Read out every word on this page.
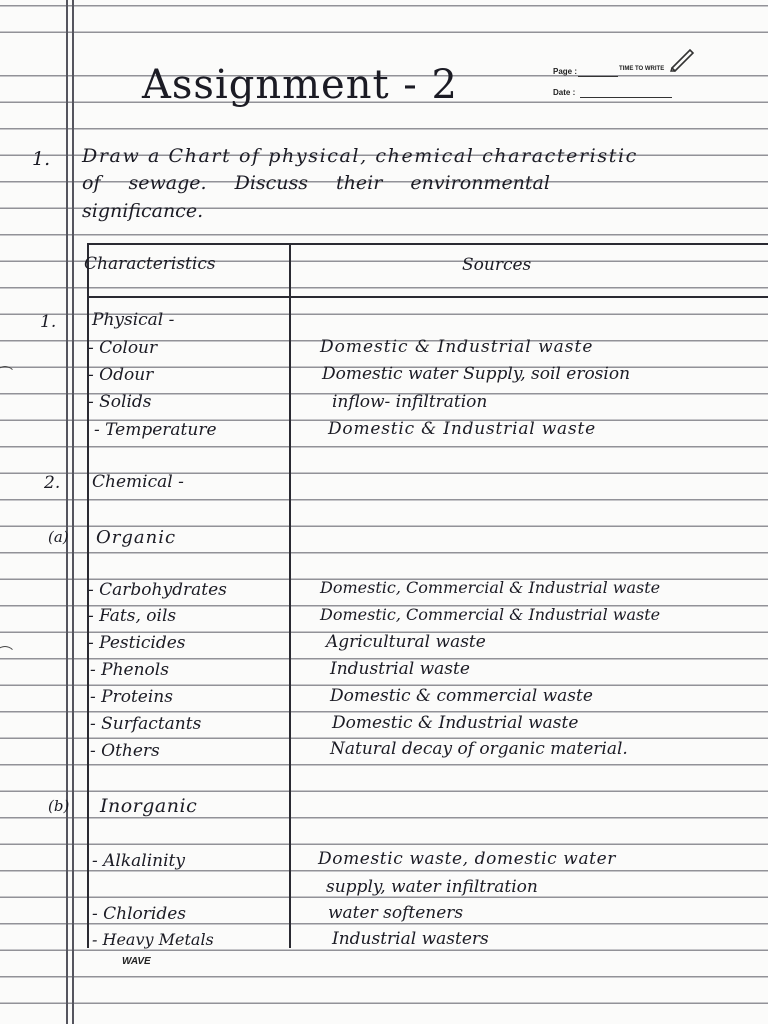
Assignment - 2	Page :	TIME TO WRITE
Date :
1. Draw a Chart of physical, chemical characteristic
of sewage. Discuss their environmental
significance.
Characteristics	Sources
1. Physical -
- Colour	Domestic & Industrial waste
- Odour	Domestic water Supply, soil erosion
- Solids	inflow- infiltration
- Temperature	Domestic & Industrial waste
2. Chemical -
(a) Organic
- Carbohydrates	Domestic, Commercial & Industrial waste
- Fats, oils	Domestic, Commercial & Industrial waste
- Pesticides	Agricultural waste
- Phenols	Industrial waste
- Proteins	Domestic & commercial waste
- Surfactants	Domestic & Industrial waste
- Others	Natural decay of organic material.
(b) Inorganic
- Alkalinity	Domestic waste, domestic water
supply, water infiltration
- Chlorides	water softeners
- Heavy Metals	Industrial wasters
WAVE
